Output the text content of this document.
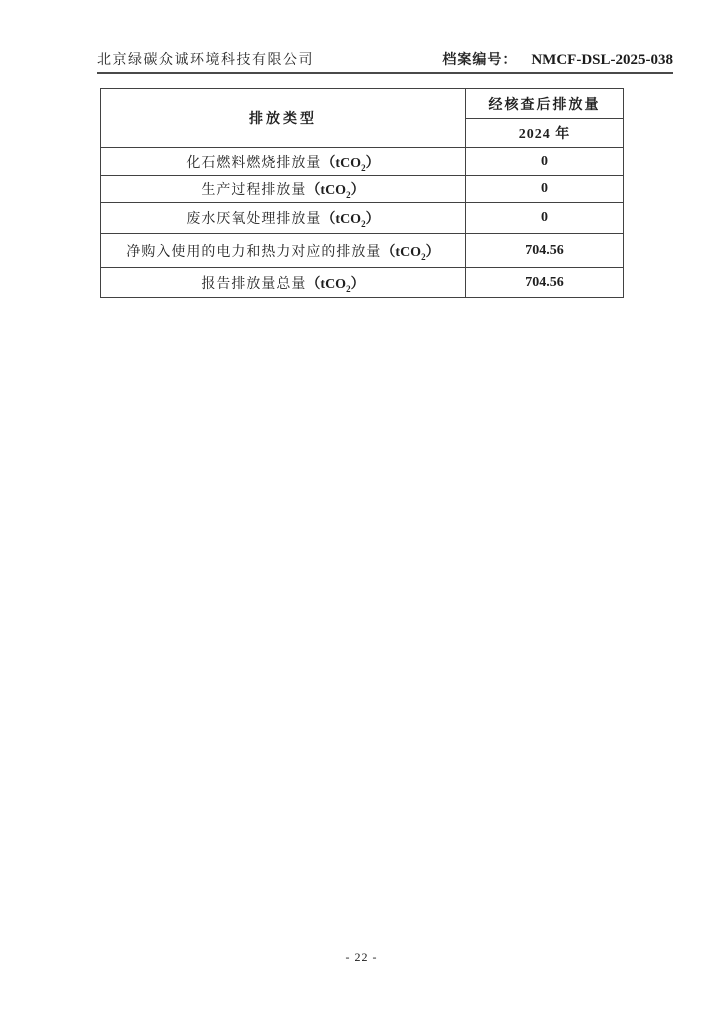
北京绿碳众诚环境科技有限公司	档案编号： NMCF-DSL-2025-038
排放类型	经核查后排放量
	2024 年
化石燃料燃烧排放量（tCO$_2$）	0
生产过程排放量（tCO$_2$）	0
废水厌氧处理排放量（tCO$_2$）	0
净购入使用的电力和热力对应的排放量（tCO$_2$）	704.56
报告排放量总量（tCO$_2$）	704.56
- 22 -
